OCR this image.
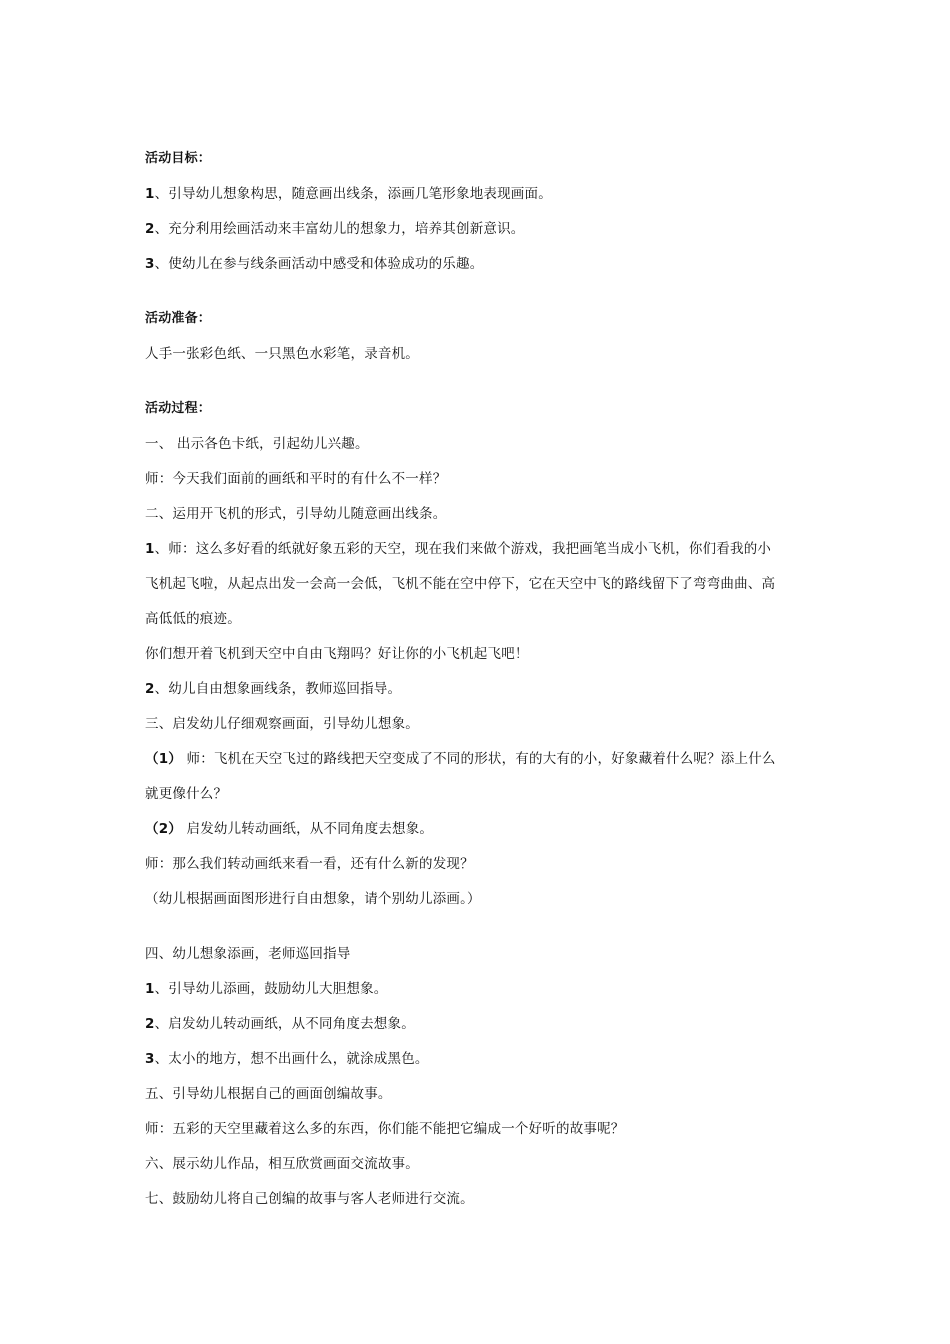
活动目标：
1、引导幼儿想象构思，随意画出线条，添画几笔形象地表现画面。
2、充分利用绘画活动来丰富幼儿的想象力，培养其创新意识。
3、使幼儿在参与线条画活动中感受和体验成功的乐趣。
活动准备：
人手一张彩色纸、一只黑色水彩笔，录音机。
活动过程：
一、 出示各色卡纸，引起幼儿兴趣。
师：今天我们面前的画纸和平时的有什么不一样？
二、运用开飞机的形式，引导幼儿随意画出线条。
1、师：这么多好看的纸就好象五彩的天空，现在我们来做个游戏，我把画笔当成小飞机，你们看我的小
飞机起飞啦，从起点出发一会高一会低，飞机不能在空中停下，它在天空中飞的路线留下了弯弯曲曲、高
高低低的痕迹。
你们想开着飞机到天空中自由飞翔吗？好让你的小飞机起飞吧！
2、幼儿自由想象画线条，教师巡回指导。
三、启发幼儿仔细观察画面，引导幼儿想象。
（1） 师：飞机在天空飞过的路线把天空变成了不同的形状，有的大有的小，好象藏着什么呢？添上什么
就更像什么？
（2） 启发幼儿转动画纸，从不同角度去想象。
师：那么我们转动画纸来看一看，还有什么新的发现？
（幼儿根据画面图形进行自由想象，请个别幼儿添画。）
四、幼儿想象添画，老师巡回指导
1、引导幼儿添画，鼓励幼儿大胆想象。
2、启发幼儿转动画纸，从不同角度去想象。
3、太小的地方，想不出画什么，就涂成黑色。
五、引导幼儿根据自己的画面创编故事。
师：五彩的天空里藏着这么多的东西，你们能不能把它编成一个好听的故事呢？
六、展示幼儿作品，相互欣赏画面交流故事。
七、鼓励幼儿将自己创编的故事与客人老师进行交流。
